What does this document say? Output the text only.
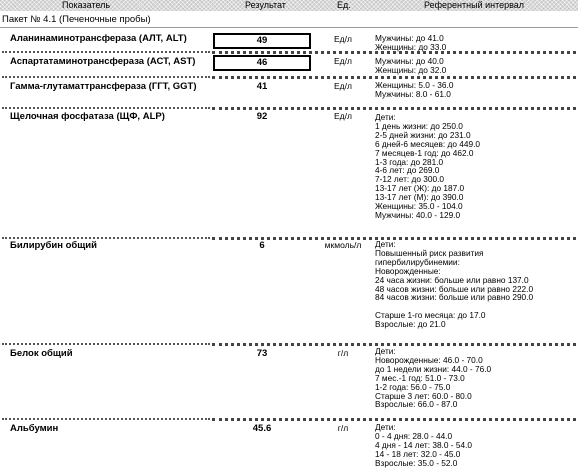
Показатель	Результат	Ед.	Референтный интервал
Пакет № 4.1 (Печеночные пробы)
Аланинаминотрансфераза (АЛТ, ALT)	49	Ед/л	Мужчины: до 41.0
Женщины: до 33.0
Аспартатаминотрансфераза (АСТ, AST)	46	Ед/л	Мужчины: до 40.0
Женщины: до 32.0
Гамма-глутаматтрансфераза (ГГТ, GGT)	41	Ед/л	Женщины: 5.0 - 36.0
Мужчины: 8.0 - 61.0
Щелочная фосфатаза (ЩФ, ALP)	92	Ед/л	Дети:
1 день жизни: до 250.0
2-5 дней жизни: до 231.0
6 дней-6 месяцев: до 449.0
7 месяцев-1 год: до 462.0
1-3 года: до 281.0
4-6 лет: до 269.0
7-12 лет: до 300.0
13-17 лет (Ж): до 187.0
13-17 лет (М): до 390.0
Женщины: 35.0 - 104.0
Мужчины: 40.0 - 129.0
Билирубин общий	6	мкмоль/л	Дети:
Повышенный риск развития
гипербилирубинемии:
Новорожденные:
24 часа жизни: больше или равно 137.0
48 часов жизни: больше или равно 222.0
84 часов жизни: больше или равно 290.0

Старше 1-го месяца: до 17.0
Взрослые: до 21.0
Белок общий	73	г/л	Дети:
Новорожденные: 46.0 - 70.0
до 1 недели жизни: 44.0 - 76.0
7 мес.-1 год: 51.0 - 73.0
1-2 года: 56.0 - 75.0
Старше 3 лет: 60.0 - 80.0
Взрослые: 66.0 - 87.0
Альбумин	45.6	г/л	Дети:
0 - 4 дня: 28.0 - 44.0
4 дня - 14 лет: 38.0 - 54.0
14 - 18 лет: 32.0 - 45.0
Взрослые: 35.0 - 52.0
